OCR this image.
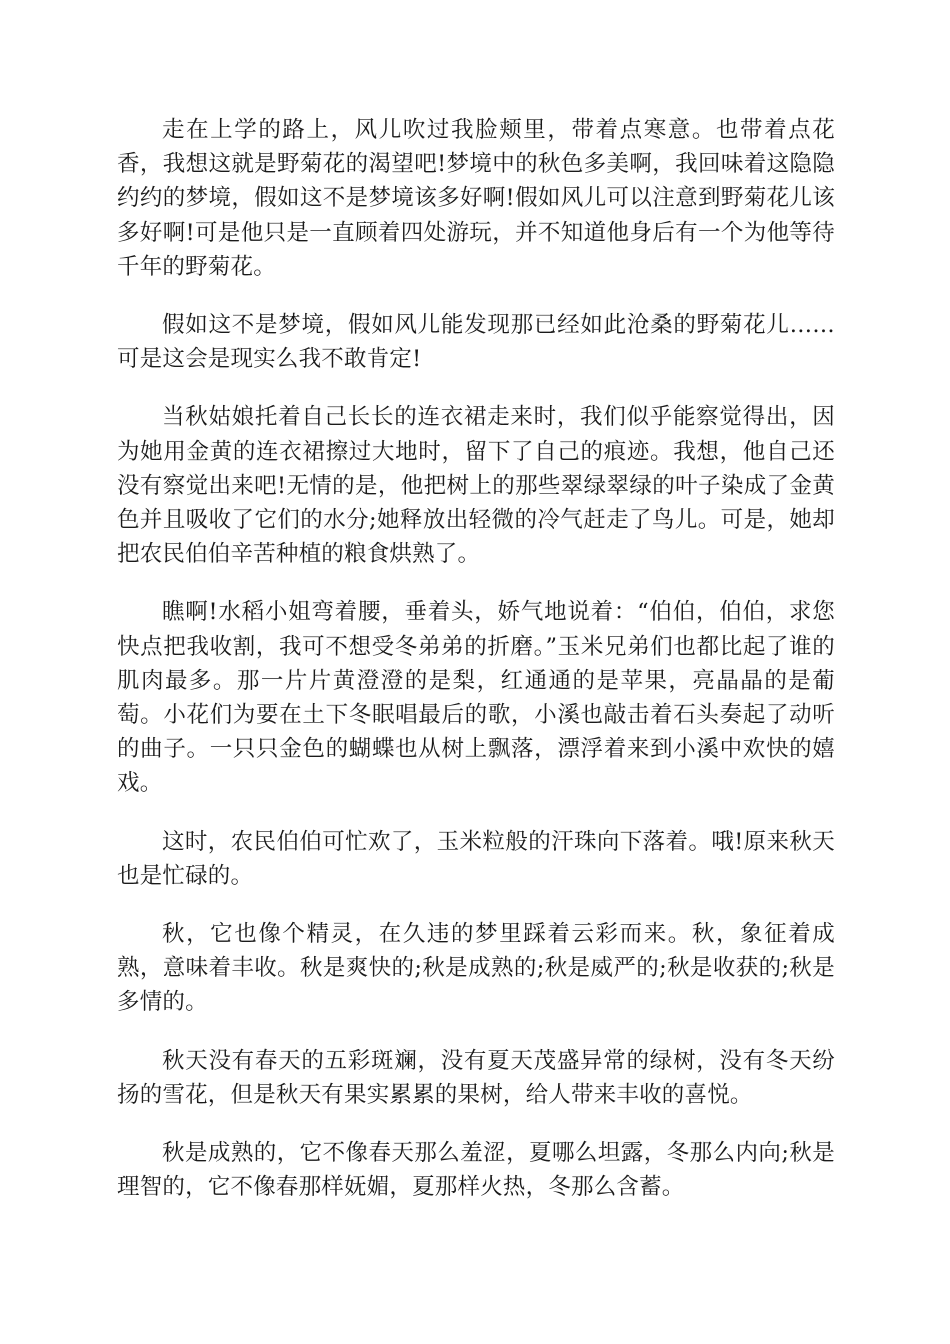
走在上学的路上，风儿吹过我脸颊里，带着点寒意。也带着点花香，我想这就是野菊花的渴望吧!梦境中的秋色多美啊，我回味着这隐隐约约的梦境，假如这不是梦境该多好啊!假如风儿可以注意到野菊花儿该多好啊!可是他只是一直顾着四处游玩，并不知道他身后有一个为他等待千年的野菊花。

假如这不是梦境，假如风儿能发现那已经如此沧桑的野菊花儿……可是这会是现实么我不敢肯定!

当秋姑娘托着自己长长的连衣裙走来时，我们似乎能察觉得出，因为她用金黄的连衣裙擦过大地时，留下了自己的痕迹。我想，他自己还没有察觉出来吧!无情的是，他把树上的那些翠绿翠绿的叶子染成了金黄色并且吸收了它们的水分;她释放出轻微的冷气赶走了鸟儿。可是，她却把农民伯伯辛苦种植的粮食烘熟了。

瞧啊!水稻小姐弯着腰，垂着头，娇气地说着：“伯伯，伯伯，求您快点把我收割，我可不想受冬弟弟的折磨。”玉米兄弟们也都比起了谁的肌肉最多。那一片片黄澄澄的是梨，红通通的是苹果，亮晶晶的是葡萄。小花们为要在土下冬眠唱最后的歌，小溪也敲击着石头奏起了动听的曲子。一只只金色的蝴蝶也从树上飘落，漂浮着来到小溪中欢快的嬉戏。

这时，农民伯伯可忙欢了，玉米粒般的汗珠向下落着。哦!原来秋天也是忙碌的。

秋，它也像个精灵，在久违的梦里踩着云彩而来。秋，象征着成熟，意味着丰收。秋是爽快的;秋是成熟的;秋是威严的;秋是收获的;秋是多情的。

秋天没有春天的五彩斑斓，没有夏天茂盛异常的绿树，没有冬天纷扬的雪花，但是秋天有果实累累的果树，给人带来丰收的喜悦。

秋是成熟的，它不像春天那么羞涩，夏哪么坦露，冬那么内向;秋是理智的，它不像春那样妩媚，夏那样火热，冬那么含蓄。
